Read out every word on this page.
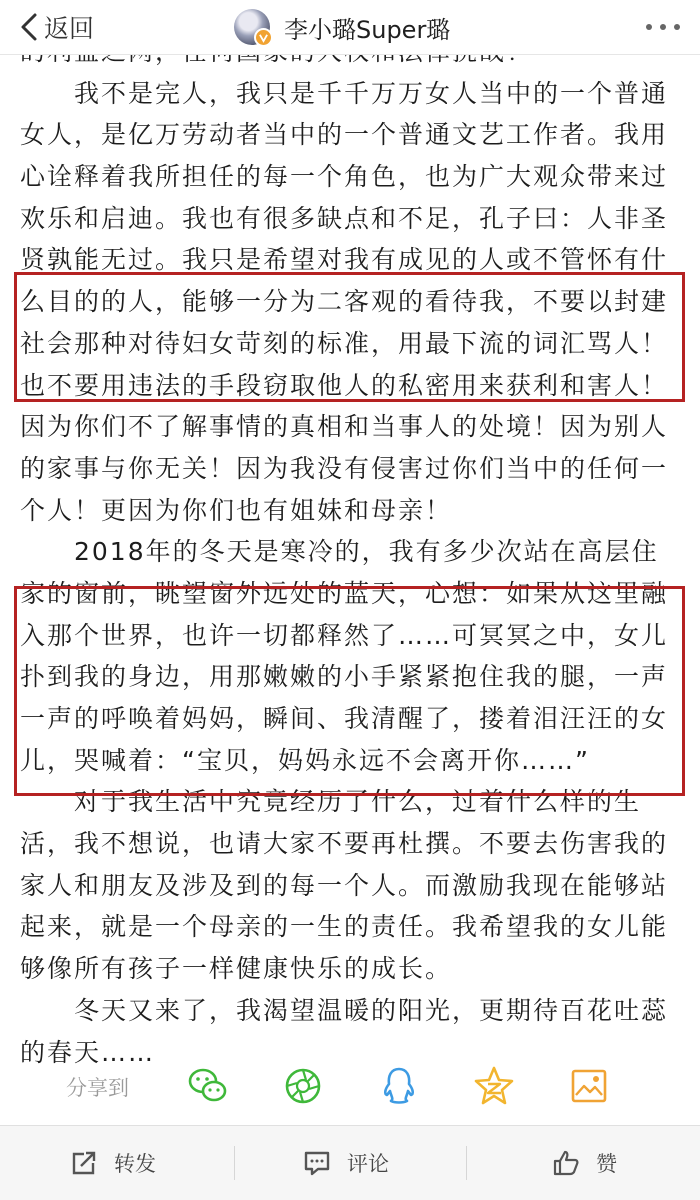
返回	李小璐Super璐
　　我不是完人，我只是千千万万女人当中的一个普通
女人，是亿万劳动者当中的一个普通文艺工作者。我用
心诠释着我所担任的每一个角色，也为广大观众带来过
欢乐和启迪。我也有很多缺点和不足，孔子曰：人非圣
贤孰能无过。我只是希望对我有成见的人或不管怀有什
么目的的人，能够一分为二客观的看待我，不要以封建
社会那种对待妇女苛刻的标准，用最下流的词汇骂人！
也不要用违法的手段窃取他人的私密用来获利和害人！
因为你们不了解事情的真相和当事人的处境！因为别人
的家事与你无关！因为我没有侵害过你们当中的任何一
个人！更因为你们也有姐妹和母亲！
　　2018年的冬天是寒冷的，我有多少次站在高层住
家的窗前，眺望窗外远处的蓝天，心想：如果从这里融
入那个世界，也许一切都释然了……可冥冥之中，女儿
扑到我的身边，用那嫩嫩的小手紧紧抱住我的腿，一声
一声的呼唤着妈妈，瞬间、我清醒了，搂着泪汪汪的女
儿，哭喊着：“宝贝，妈妈永远不会离开你……”
　　对于我生活中究竟经历了什么，过着什么样的生
活，我不想说，也请大家不要再杜撰。不要去伤害我的
家人和朋友及涉及到的每一个人。而激励我现在能够站
起来，就是一个母亲的一生的责任。我希望我的女儿能
够像所有孩子一样健康快乐的成长。
　　冬天又来了，我渴望温暖的阳光，更期待百花吐蕊
的春天……
分享到
转发	评论	赞
